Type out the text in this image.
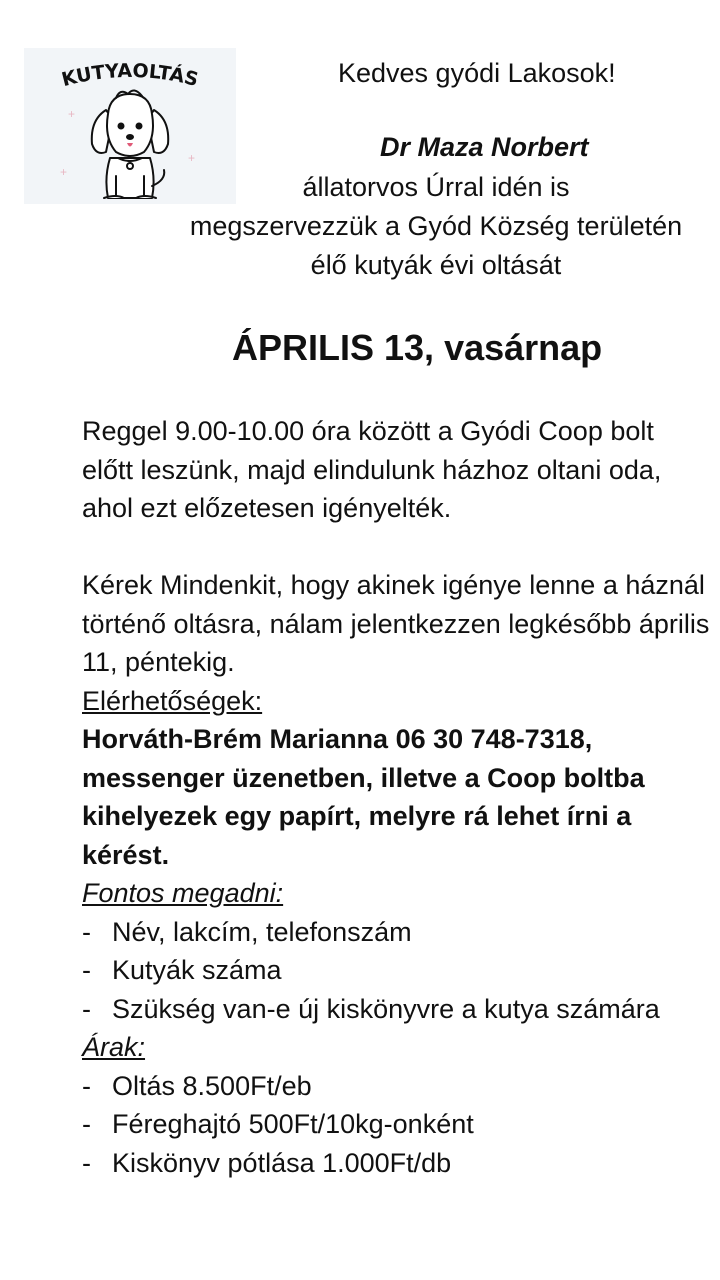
KUTYAOLTÁS
+
+
+
Kedves gyódi Lakosok!
Dr Maza Norbert
állatorvos Úrral idén is
megszervezzük a Gyód Község területén
élő kutyák évi oltását
ÁPRILIS 13, vasárnap

Reggel 9.00-10.00 óra között a Gyódi Coop bolt előtt leszünk, majd elindulunk házhoz oltani oda, ahol ezt előzetesen igényelték.

Kérek Mindenkit, hogy akinek igénye lenne a háznál történő oltásra, nálam jelentkezzen legkésőbb április 11, péntekig.

Elérhetőségek:

Horváth-Brém Marianna 06 30 748-7318, messenger üzenetben, illetve a Coop boltba kihelyezek egy papírt, melyre rá lehet írni a kérést.

Fontos megadni:

- Név, lakcím, telefonszám
- Kutyák száma
- Szükség van-e új kiskönyvre a kutya számára

Árak:

- Oltás 8.500Ft/eb
- Féreghajtó 500Ft/10kg-onként
- Kiskönyv pótlása 1.000Ft/db
